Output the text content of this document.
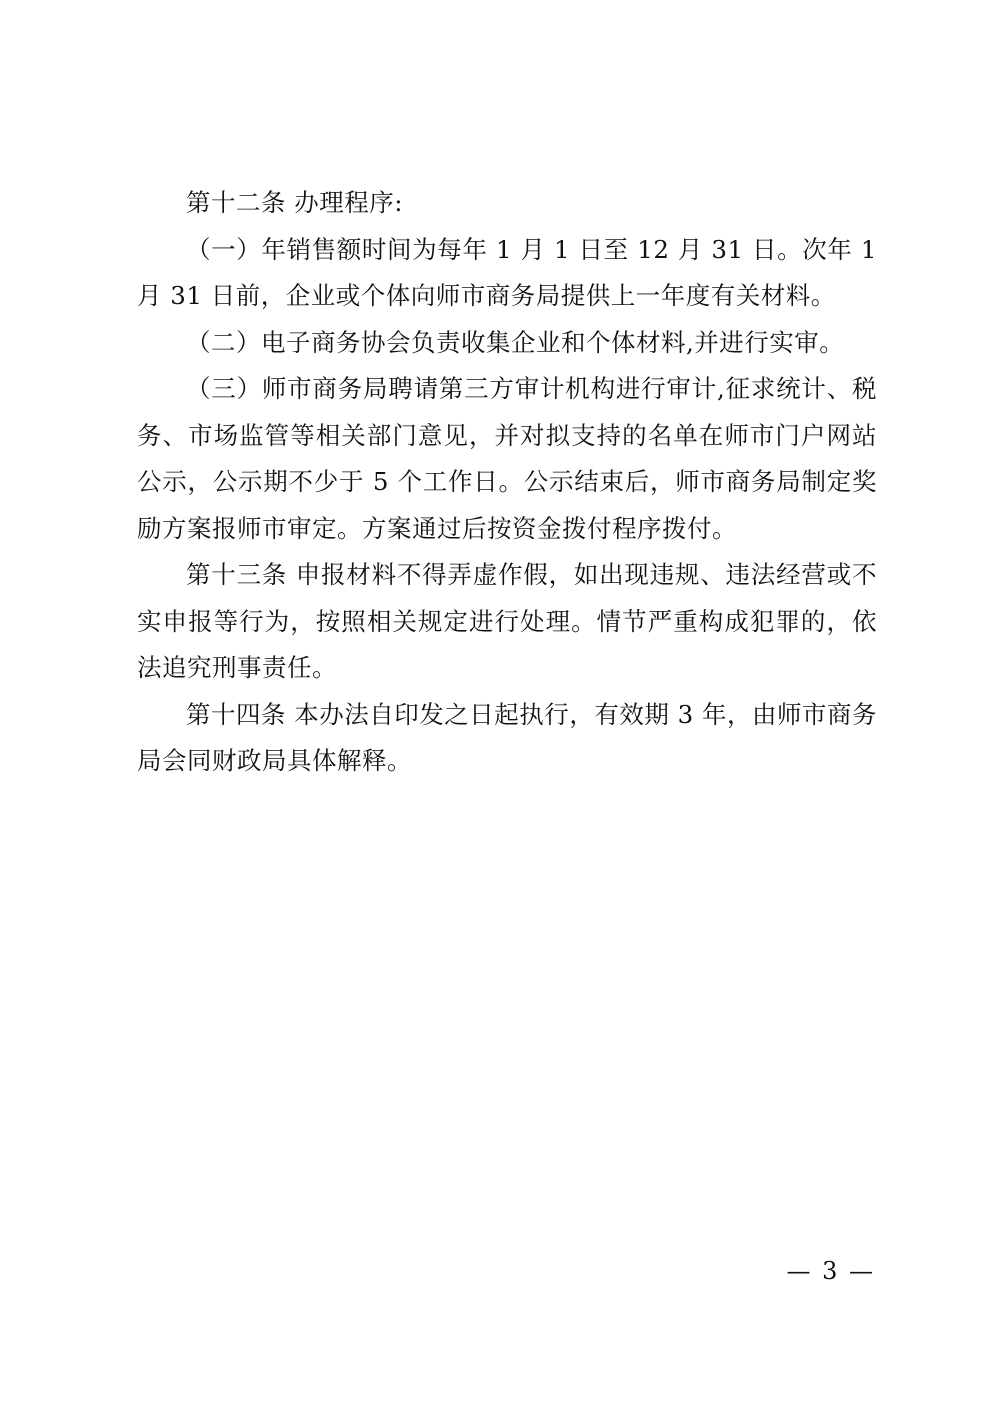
第十二条 办理程序:

（一）年销售额时间为每年 1 月 1 日至 12 月 31 日。次年 1 月 31 日前，企业或个体向师市商务局提供上一年度有关材料。

（二）电子商务协会负责收集企业和个体材料,并进行实审。

（三）师市商务局聘请第三方审计机构进行审计,征求统计、税务、市场监管等相关部门意见，并对拟支持的名单在师市门户网站公示，公示期不少于 5 个工作日。公示结束后，师市商务局制定奖励方案报师市审定。方案通过后按资金拨付程序拨付。

第十三条 申报材料不得弄虚作假，如出现违规、违法经营或不实申报等行为，按照相关规定进行处理。情节严重构成犯罪的，依法追究刑事责任。

第十四条 本办法自印发之日起执行，有效期 3 年，由师市商务局会同财政局具体解释。

— 3 —
